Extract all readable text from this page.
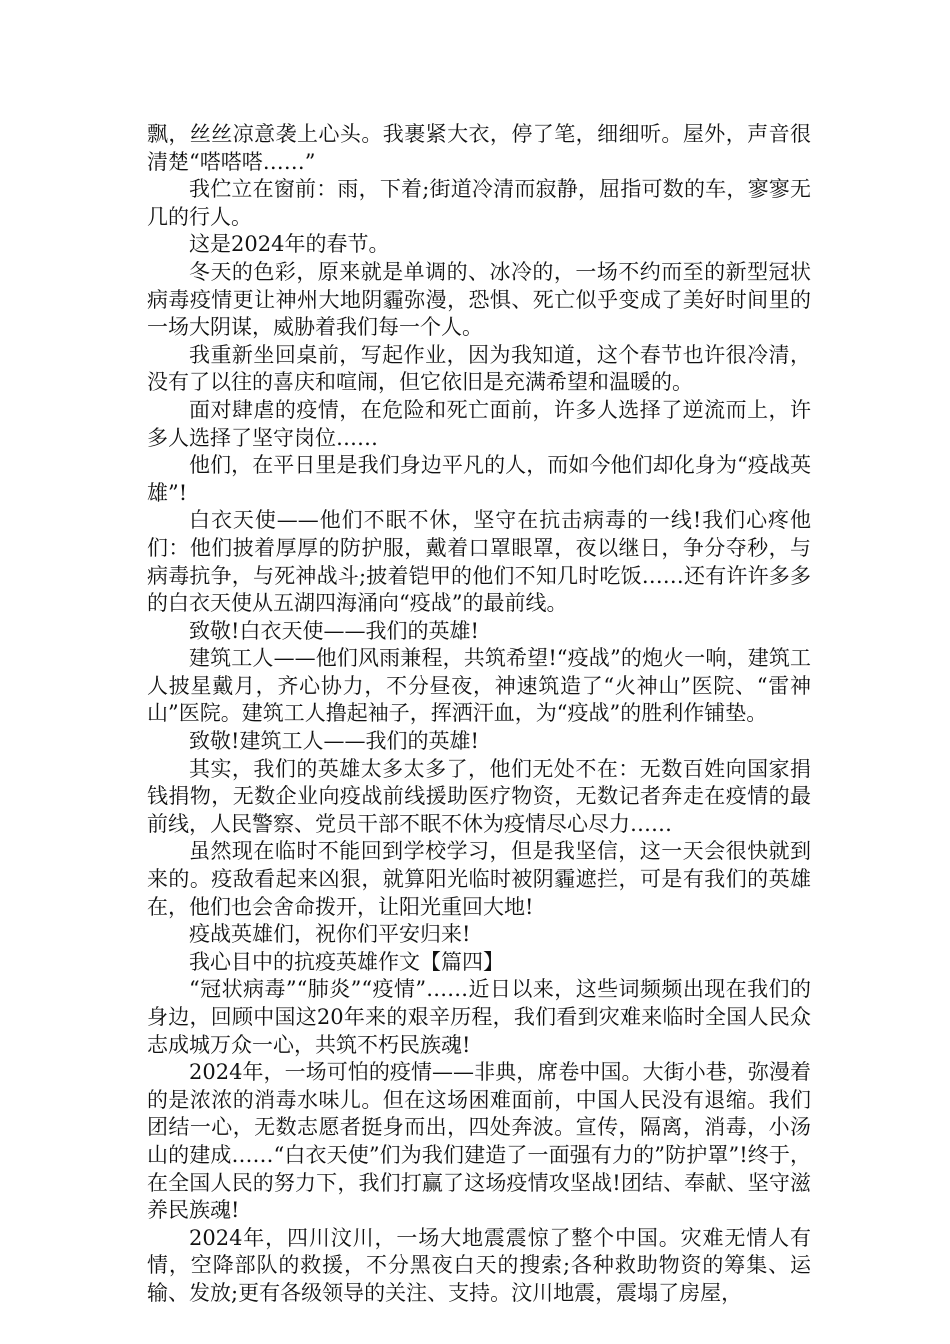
飘，丝丝凉意袭上心头。我裹紧大衣，停了笔，细细听。屋外，声音很清楚“嗒嗒嗒……”

我伫立在窗前：雨，下着;街道冷清而寂静，屈指可数的车，寥寥无几的行人。

这是2024年的春节。

冬天的色彩，原来就是单调的、冰冷的，一场不约而至的新型冠状病毒疫情更让神州大地阴霾弥漫，恐惧、死亡似乎变成了美好时间里的一场大阴谋，威胁着我们每一个人。

我重新坐回桌前，写起作业，因为我知道，这个春节也许很冷清，没有了以往的喜庆和喧闹，但它依旧是充满希望和温暖的。

面对肆虐的疫情，在危险和死亡面前，许多人选择了逆流而上，许多人选择了坚守岗位……

他们，在平日里是我们身边平凡的人，而如今他们却化身为“疫战英雄”!

白衣天使——他们不眠不休，坚守在抗击病毒的一线!我们心疼他们：他们披着厚厚的防护服，戴着口罩眼罩，夜以继日，争分夺秒，与病毒抗争，与死神战斗;披着铠甲的他们不知几时吃饭……还有许许多多的白衣天使从五湖四海涌向“疫战”的最前线。

致敬!白衣天使——我们的英雄!

建筑工人——他们风雨兼程，共筑希望!“疫战”的炮火一响，建筑工人披星戴月，齐心协力，不分昼夜，神速筑造了“火神山”医院、“雷神山”医院。建筑工人撸起袖子，挥洒汗血，为“疫战”的胜利作铺垫。

致敬!建筑工人——我们的英雄!

其实，我们的英雄太多太多了，他们无处不在：无数百姓向国家捐钱捐物，无数企业向疫战前线援助医疗物资，无数记者奔走在疫情的最前线，人民警察、党员干部不眠不休为疫情尽心尽力……

虽然现在临时不能回到学校学习，但是我坚信，这一天会很快就到来的。疫敌看起来凶狠，就算阳光临时被阴霾遮拦，可是有我们的英雄在，他们也会舍命拨开，让阳光重回大地!

疫战英雄们，祝你们平安归来!

我心目中的抗疫英雄作文【篇四】

“冠状病毒”“肺炎”“疫情”……近日以来，这些词频频出现在我们的身边，回顾中国这20年来的艰辛历程，我们看到灾难来临时全国人民众志成城万众一心，共筑不朽民族魂!

2024年，一场可怕的疫情——非典，席卷中国。大街小巷，弥漫着的是浓浓的消毒水味儿。但在这场困难面前，中国人民没有退缩。我们团结一心，无数志愿者挺身而出，四处奔波。宣传，隔离，消毒，小汤山的建成……“白衣天使”们为我们建造了一面强有力的”防护罩”!终于，在全国人民的努力下，我们打赢了这场疫情攻坚战!团结、奉献、坚守滋养民族魂!

2024年，四川汶川，一场大地震震惊了整个中国。灾难无情人有情，空降部队的救援，不分黑夜白天的搜索;各种救助物资的筹集、运输、发放;更有各级领导的关注、支持。汶川地震，震塌了房屋，
